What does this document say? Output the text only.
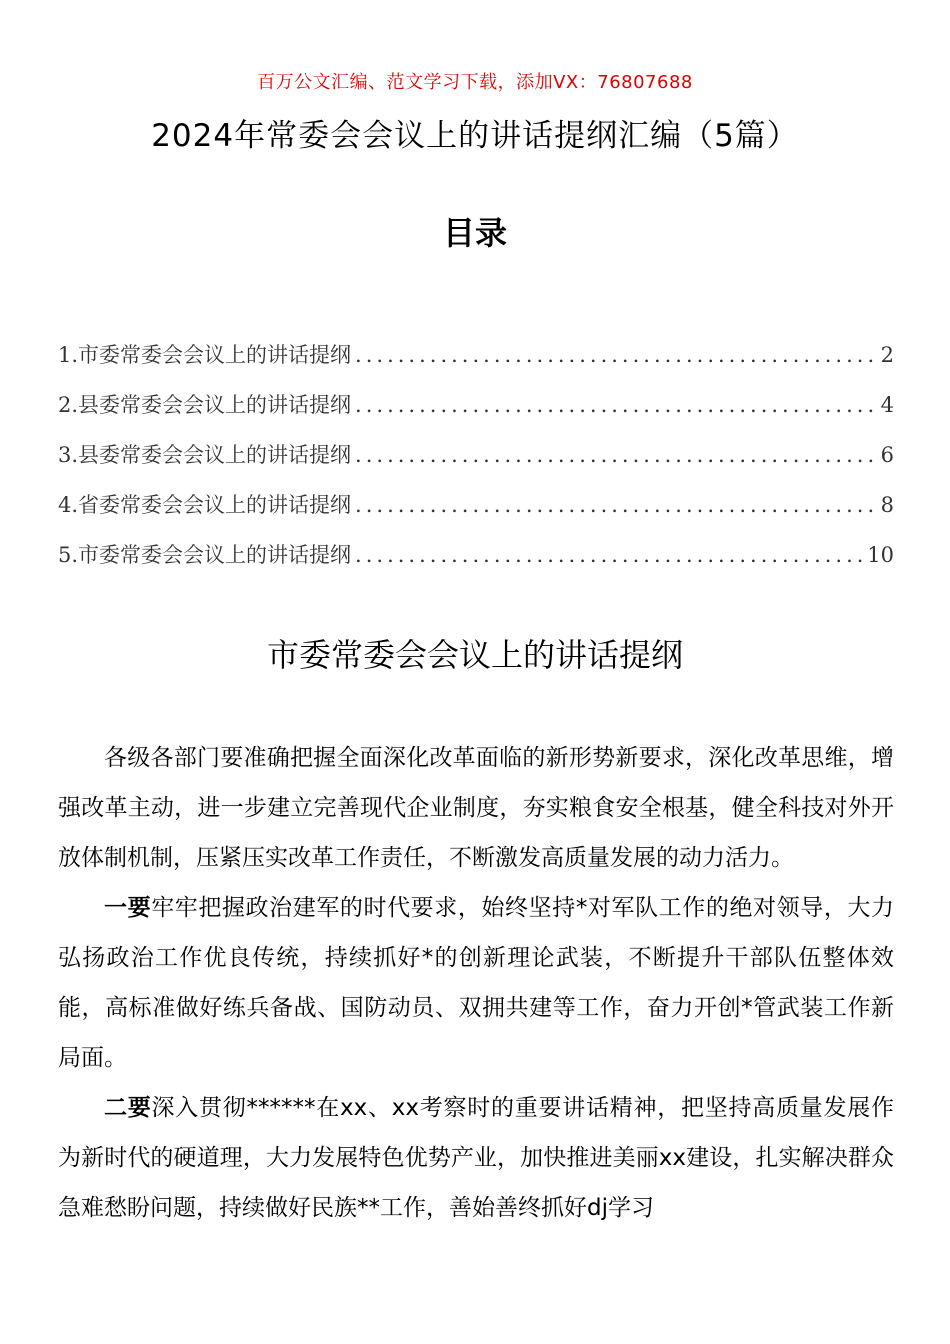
百万公文汇编、范文学习下载，添加VX：76807688
2024年常委会会议上的讲话提纲汇编（5篇）
目录
1.市委常委会会议上的讲话提纲 .....	2
2.县委常委会会议上的讲话提纲 .....	4
3.县委常委会会议上的讲话提纲 .....	6
4.省委常委会会议上的讲话提纲 .....	8
5.市委常委会会议上的讲话提纲 .....	10
市委常委会会议上的讲话提纲

各级各部门要准确把握全面深化改革面临的新形势新要求，深化改革思维，增强改革主动，进一步建立完善现代企业制度，夯实粮食安全根基，健全科技对外开放体制机制，压紧压实改革工作责任，不断激发高质量发展的动力活力。

一要牢牢把握政治建军的时代要求，始终坚持*对军队工作的绝对领导，大力弘扬政治工作优良传统，持续抓好*的创新理论武装，不断提升干部队伍整体效能，高标准做好练兵备战、国防动员、双拥共建等工作，奋力开创*管武装工作新局面。

二要深入贯彻******在xx、xx考察时的重要讲话精神，把坚持高质量发展作为新时代的硬道理，大力发展特色优势产业，加快推进美丽xx建设，扎实解决群众急难愁盼问题，持续做好民族**工作，善始善终抓好dj学习
